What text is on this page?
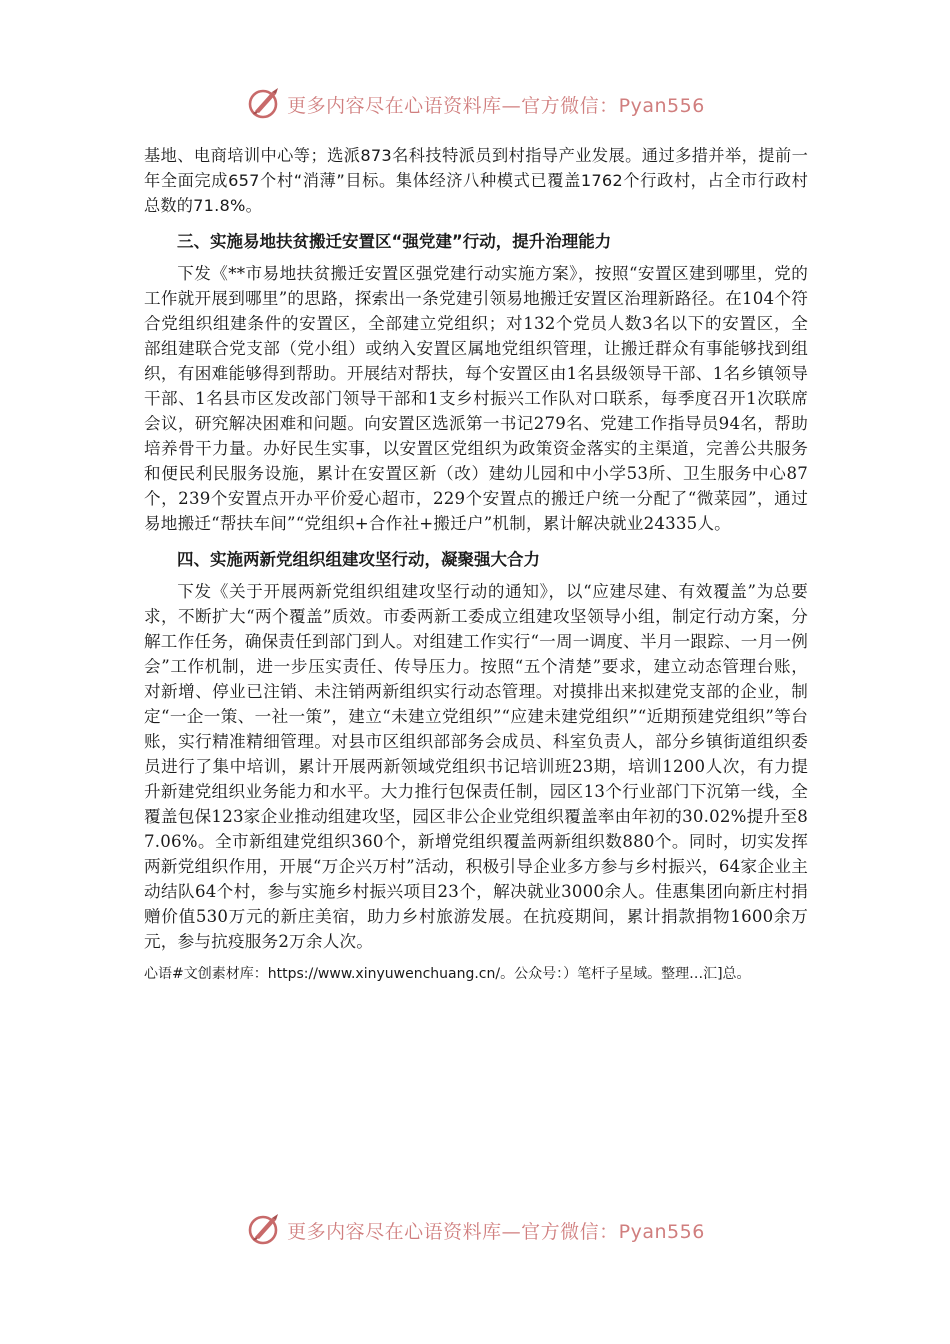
更多内容尽在心语资料库—官方微信：Pyan556

基地、电商培训中心等；选派873名科技特派员到村指导产业发展。通过多措并举，提前一年全面完成657个村“消薄”目标。集体经济八种模式已覆盖1762个行政村，占全市行政村总数的71.8%。

三、实施易地扶贫搬迁安置区“强党建”行动，提升治理能力

下发《**市易地扶贫搬迁安置区强党建行动实施方案》，按照“安置区建到哪里，党的工作就开展到哪里”的思路，探索出一条党建引领易地搬迁安置区治理新路径。在104个符合党组织组建条件的安置区，全部建立党组织；对132个党员人数3名以下的安置区，全部组建联合党支部（党小组）或纳入安置区属地党组织管理，让搬迁群众有事能够找到组织，有困难能够得到帮助。开展结对帮扶，每个安置区由1名县级领导干部、1名乡镇领导干部、1名县市区发改部门领导干部和1支乡村振兴工作队对口联系，每季度召开1次联席会议，研究解决困难和问题。向安置区选派第一书记279名、党建工作指导员94名，帮助培养骨干力量。办好民生实事，以安置区党组织为政策资金落实的主渠道，完善公共服务和便民利民服务设施，累计在安置区新（改）建幼儿园和中小学53所、卫生服务中心87个，239个安置点开办平价爱心超市，229个安置点的搬迁户统一分配了“微菜园”，通过易地搬迁“帮扶车间”“党组织+合作社+搬迁户”机制，累计解决就业24335人。

四、实施两新党组织组建攻坚行动，凝聚强大合力

下发《关于开展两新党组织组建攻坚行动的通知》，以“应建尽建、有效覆盖”为总要求，不断扩大“两个覆盖”质效。市委两新工委成立组建攻坚领导小组，制定行动方案，分解工作任务，确保责任到部门到人。对组建工作实行“一周一调度、半月一跟踪、一月一例会”工作机制，进一步压实责任、传导压力。按照“五个清楚”要求，建立动态管理台账，对新增、停业已注销、未注销两新组织实行动态管理。对摸排出来拟建党支部的企业，制定“一企一策、一社一策”，建立“未建立党组织”“应建未建党组织”“近期预建党组织”等台账，实行精准精细管理。对县市区组织部部务会成员、科室负责人，部分乡镇街道组织委员进行了集中培训，累计开展两新领域党组织书记培训班23期，培训1200人次，有力提升新建党组织业务能力和水平。大力推行包保责任制，园区13个行业部门下沉第一线，全覆盖包保123家企业推动组建攻坚，园区非公企业党组织覆盖率由年初的30.02%提升至87.06%。全市新组建党组织360个，新增党组织覆盖两新组织数880个。同时，切实发挥两新党组织作用，开展“万企兴万村”活动，积极引导企业多方参与乡村振兴，64家企业主动结队64个村，参与实施乡村振兴项目23个，解决就业3000余人。佳惠集团向新庄村捐赠价值530万元的新庄美宿，助力乡村旅游发展。在抗疫期间，累计捐款捐物1600余万元，参与抗疫服务2万余人次。

心语#文创素材库：https://www.xinyuwenchuang.cn/。公众号：）笔杆子星域。整理…汇]总。

更多内容尽在心语资料库—官方微信：Pyan556
